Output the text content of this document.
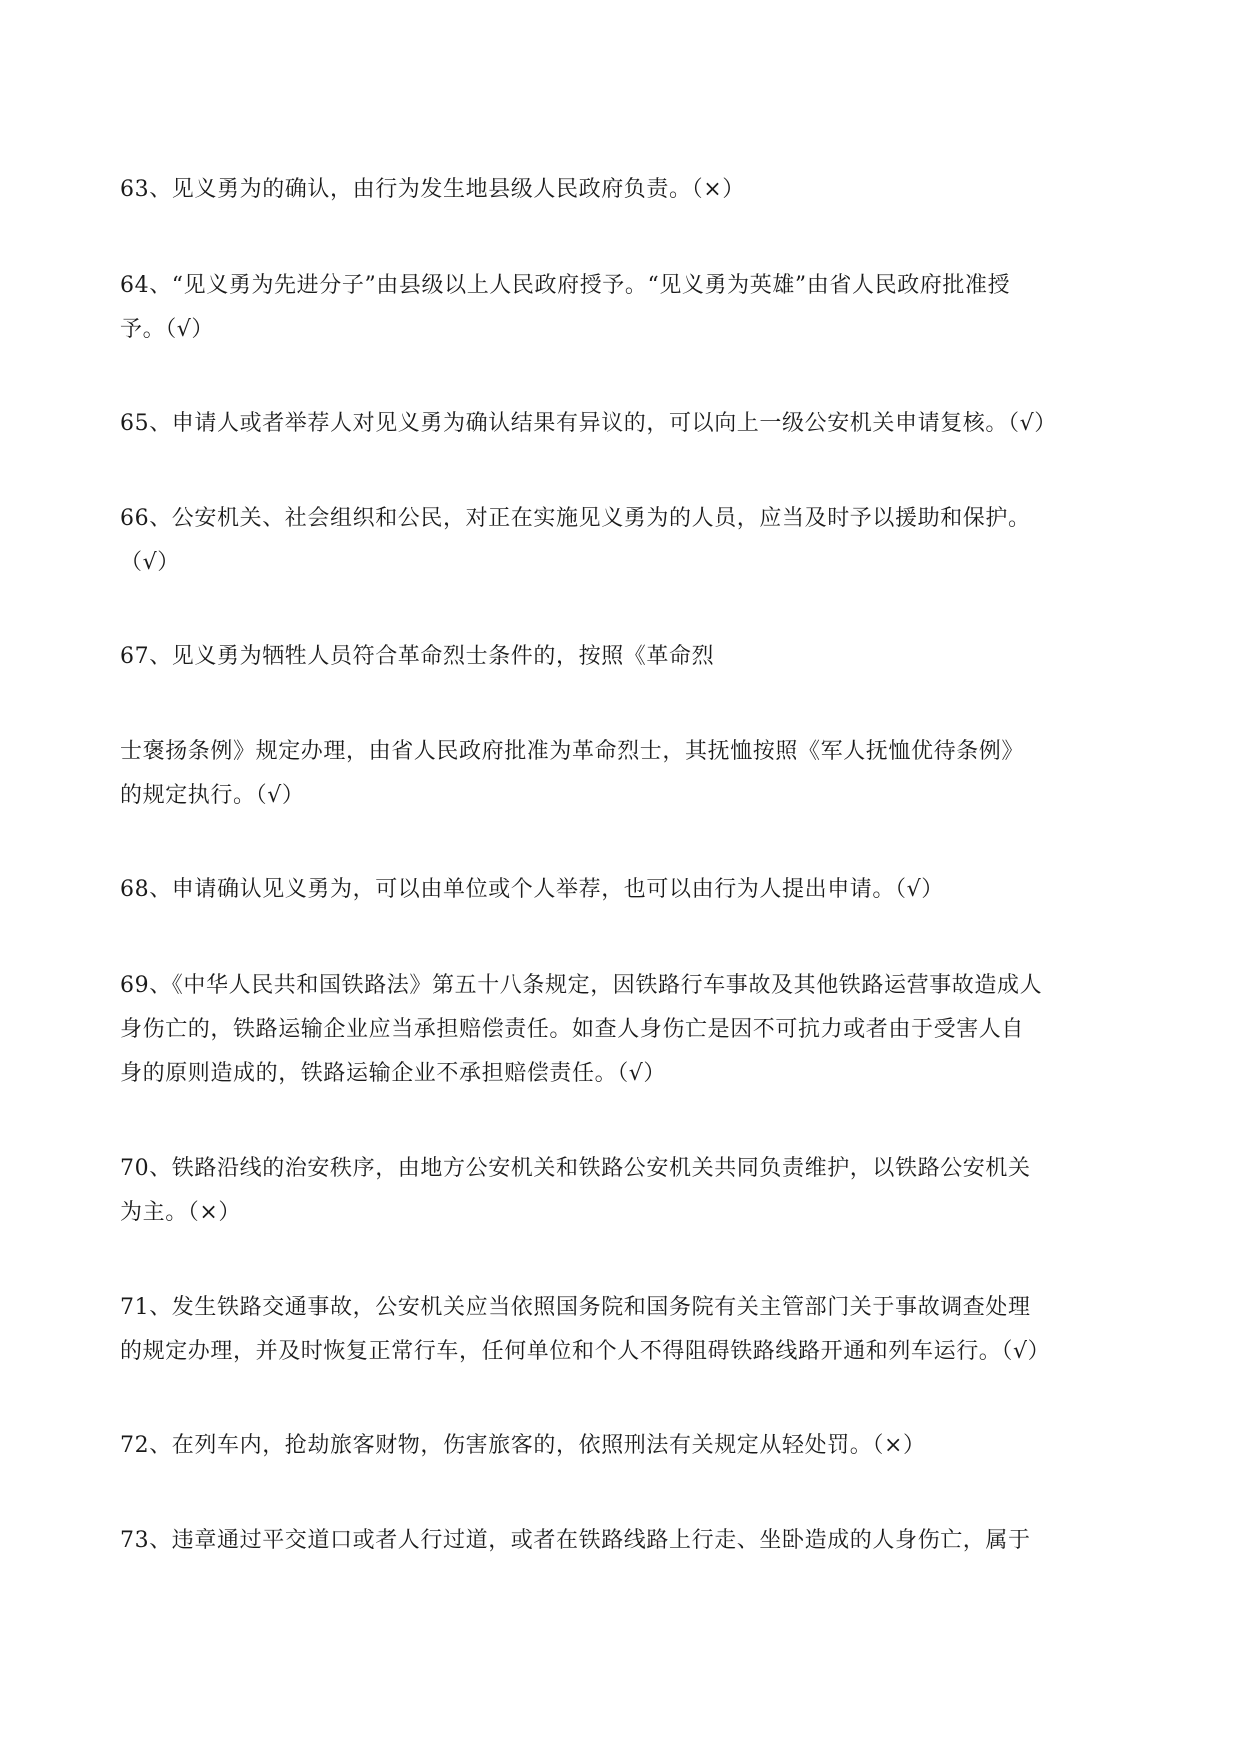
63、见义勇为的确认，由行为发生地县级人民政府负责。（×）
64、“见义勇为先进分子”由县级以上人民政府授予。“见义勇为英雄”由省人民政府批准授
予。（√）
65、申请人或者举荐人对见义勇为确认结果有异议的，可以向上一级公安机关申请复核。（√）
66、公安机关、社会组织和公民，对正在实施见义勇为的人员，应当及时予以援助和保护。
（√）
67、见义勇为牺牲人员符合革命烈士条件的，按照《革命烈
士褒扬条例》规定办理，由省人民政府批准为革命烈士，其抚恤按照《军人抚恤优待条例》
的规定执行。（√）
68、申请确认见义勇为，可以由单位或个人举荐，也可以由行为人提出申请。（√）
69、《中华人民共和国铁路法》第五十八条规定，因铁路行车事故及其他铁路运营事故造成人
身伤亡的，铁路运输企业应当承担赔偿责任。如查人身伤亡是因不可抗力或者由于受害人自
身的原则造成的，铁路运输企业不承担赔偿责任。（√）
70、铁路沿线的治安秩序，由地方公安机关和铁路公安机关共同负责维护，以铁路公安机关
为主。（×）
71、发生铁路交通事故，公安机关应当依照国务院和国务院有关主管部门关于事故调查处理
的规定办理，并及时恢复正常行车，任何单位和个人不得阻碍铁路线路开通和列车运行。（√）
72、在列车内，抢劫旅客财物，伤害旅客的，依照刑法有关规定从轻处罚。（×）
73、违章通过平交道口或者人行过道，或者在铁路线路上行走、坐卧造成的人身伤亡，属于
